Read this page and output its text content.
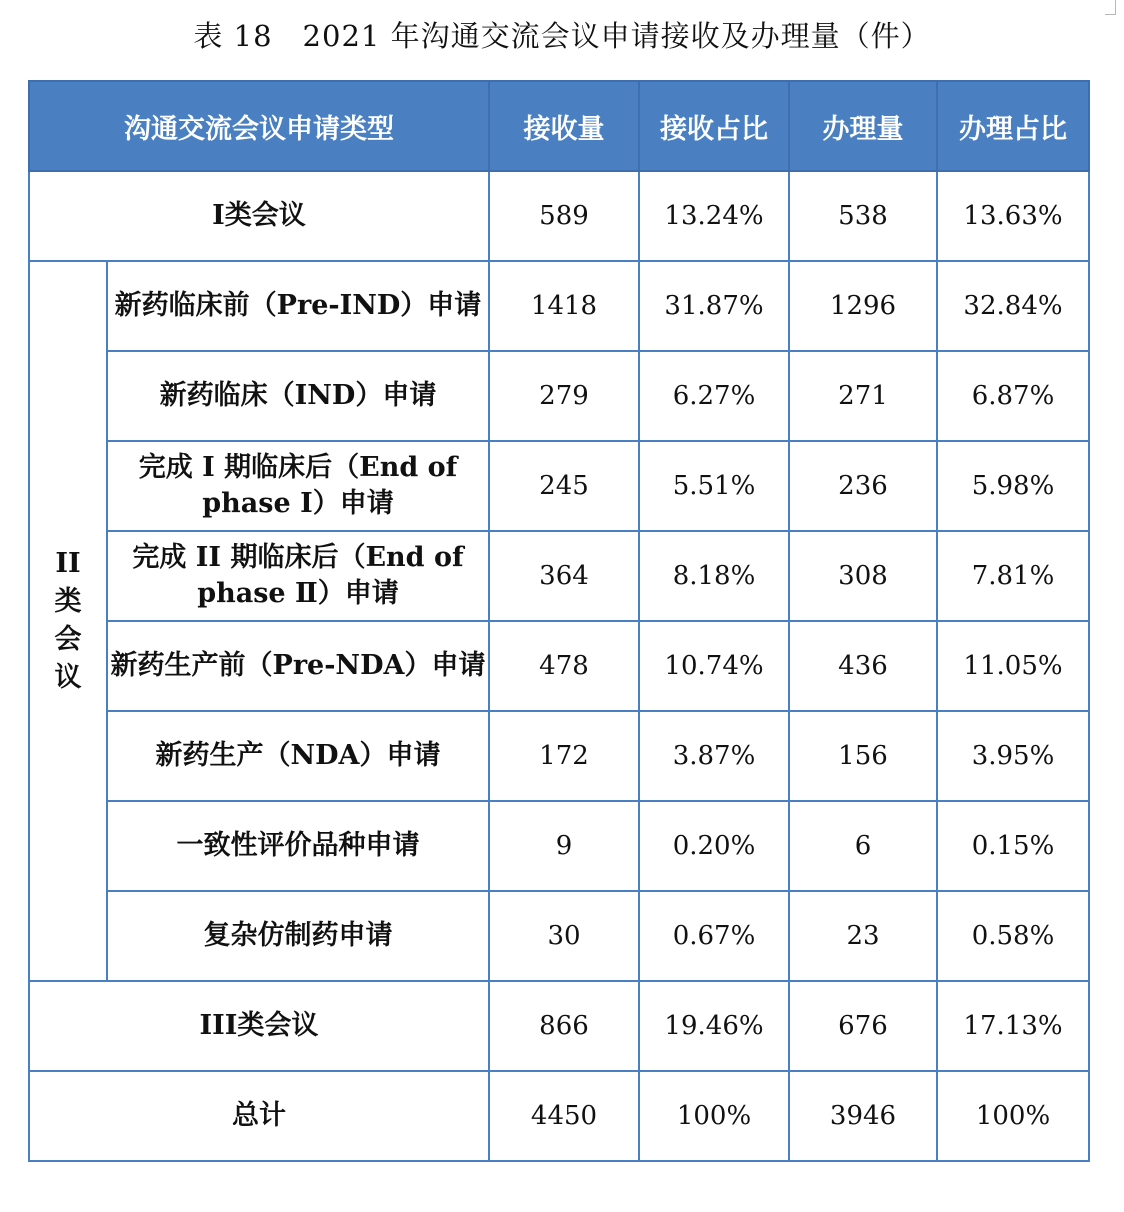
表 18　2021 年沟通交流会议申请接收及办理量（件）
沟通交流会议申请类型		接收量	接收占比	办理量	办理占比
I类会议		589	13.24%	538	13.63%
II类会议	新药临床前（Pre-IND）申请	1418	31.87%	1296	32.84%
	新药临床（IND）申请	279	6.27%	271	6.87%
	完成 I 期临床后（End of phase Ⅰ）申请	245	5.51%	236	5.98%
	完成 II 期临床后（End of phase Ⅱ）申请	364	8.18%	308	7.81%
	新药生产前（Pre-NDA）申请	478	10.74%	436	11.05%
	新药生产（NDA）申请	172	3.87%	156	3.95%
	一致性评价品种申请	9	0.20%	6	0.15%
	复杂仿制药申请	30	0.67%	23	0.58%
III类会议		866	19.46%	676	17.13%
总计		4450	100%	3946	100%
